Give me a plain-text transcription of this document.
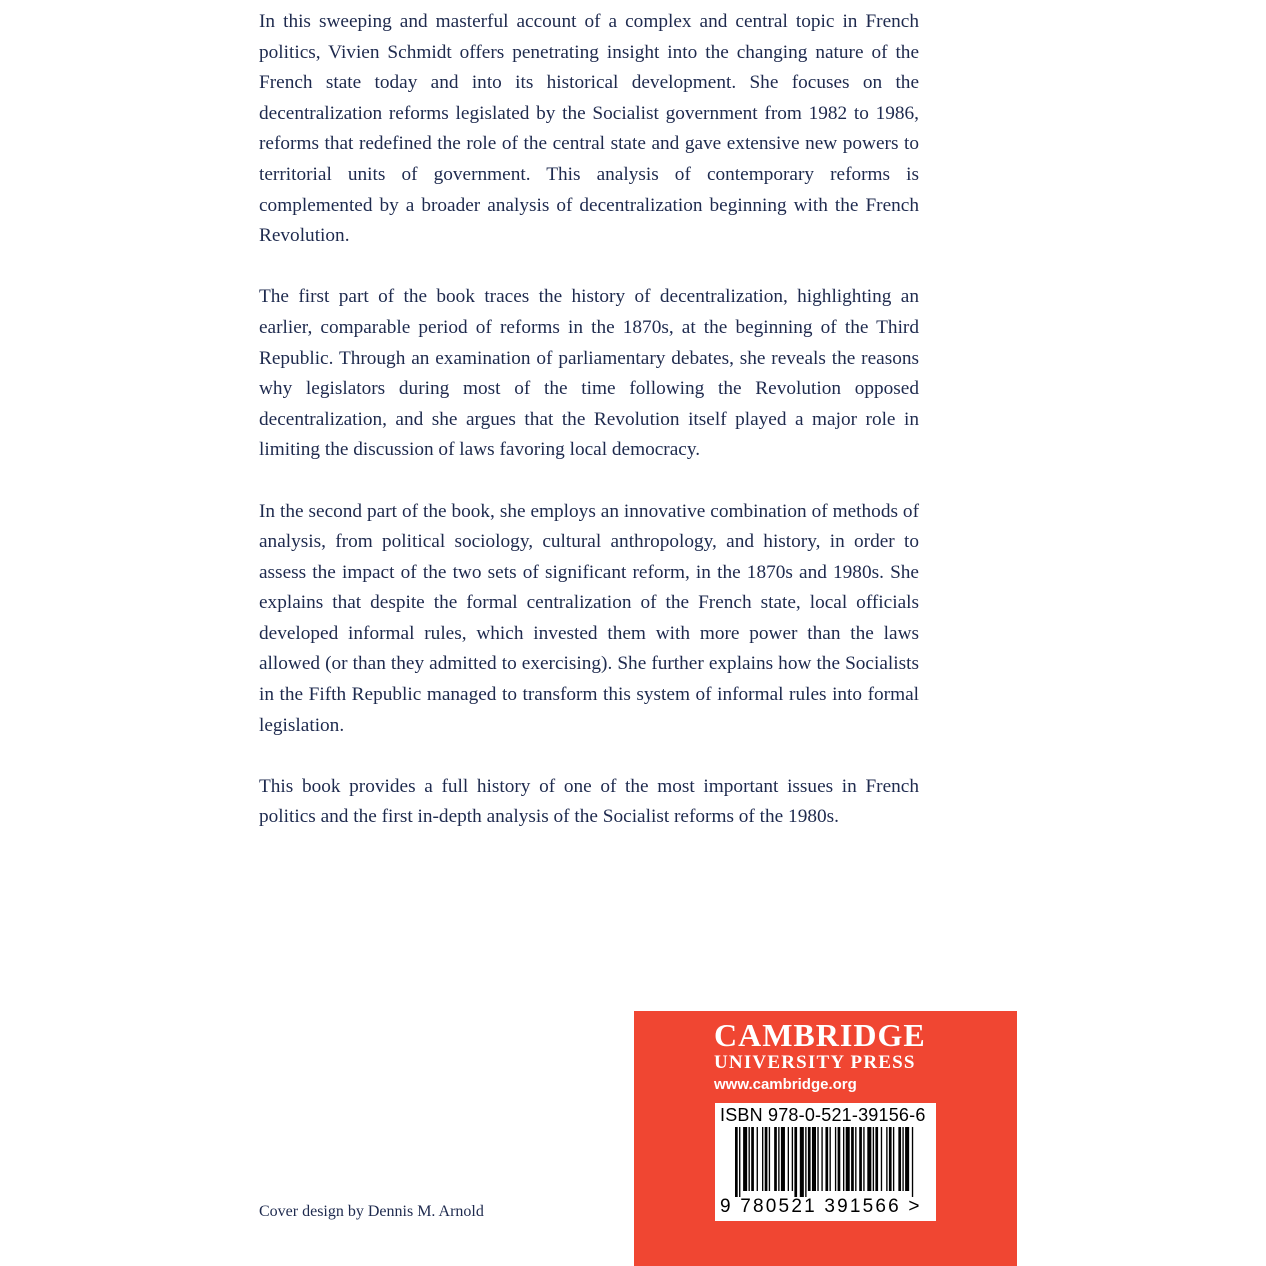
In this sweeping and masterful account of a complex and central topic in French politics, Vivien Schmidt offers penetrating insight into the changing nature of the French state today and into its historical development. She focuses on the decentralization reforms legislated by the Socialist government from 1982 to 1986, reforms that redefined the role of the central state and gave extensive new powers to territorial units of government. This analysis of contemporary reforms is complemented by a broader analysis of decentralization beginning with the French Revolution.

The first part of the book traces the history of decentralization, highlighting an earlier, comparable period of reforms in the 1870s, at the beginning of the Third Republic. Through an examination of parliamentary debates, she reveals the reasons why legislators during most of the time following the Revolution opposed decentralization, and she argues that the Revolution itself played a major role in limiting the discussion of laws favoring local democracy.

In the second part of the book, she employs an innovative combination of methods of analysis, from political sociology, cultural anthropology, and history, in order to assess the impact of the two sets of significant reform, in the 1870s and 1980s. She explains that despite the formal centralization of the French state, local officials developed informal rules, which invested them with more power than the laws allowed (or than they admitted to exercising). She further explains how the Socialists in the Fifth Republic managed to transform this system of informal rules into formal legislation.

This book provides a full history of one of the most important issues in French politics and the first in-depth analysis of the Socialist reforms of the 1980s.

Cover design by Dennis M. Arnold
CAMBRIDGE
UNIVERSITY PRESS
www.cambridge.org
ISBN 978-0-521-39156-6
9 780521 391566 >
